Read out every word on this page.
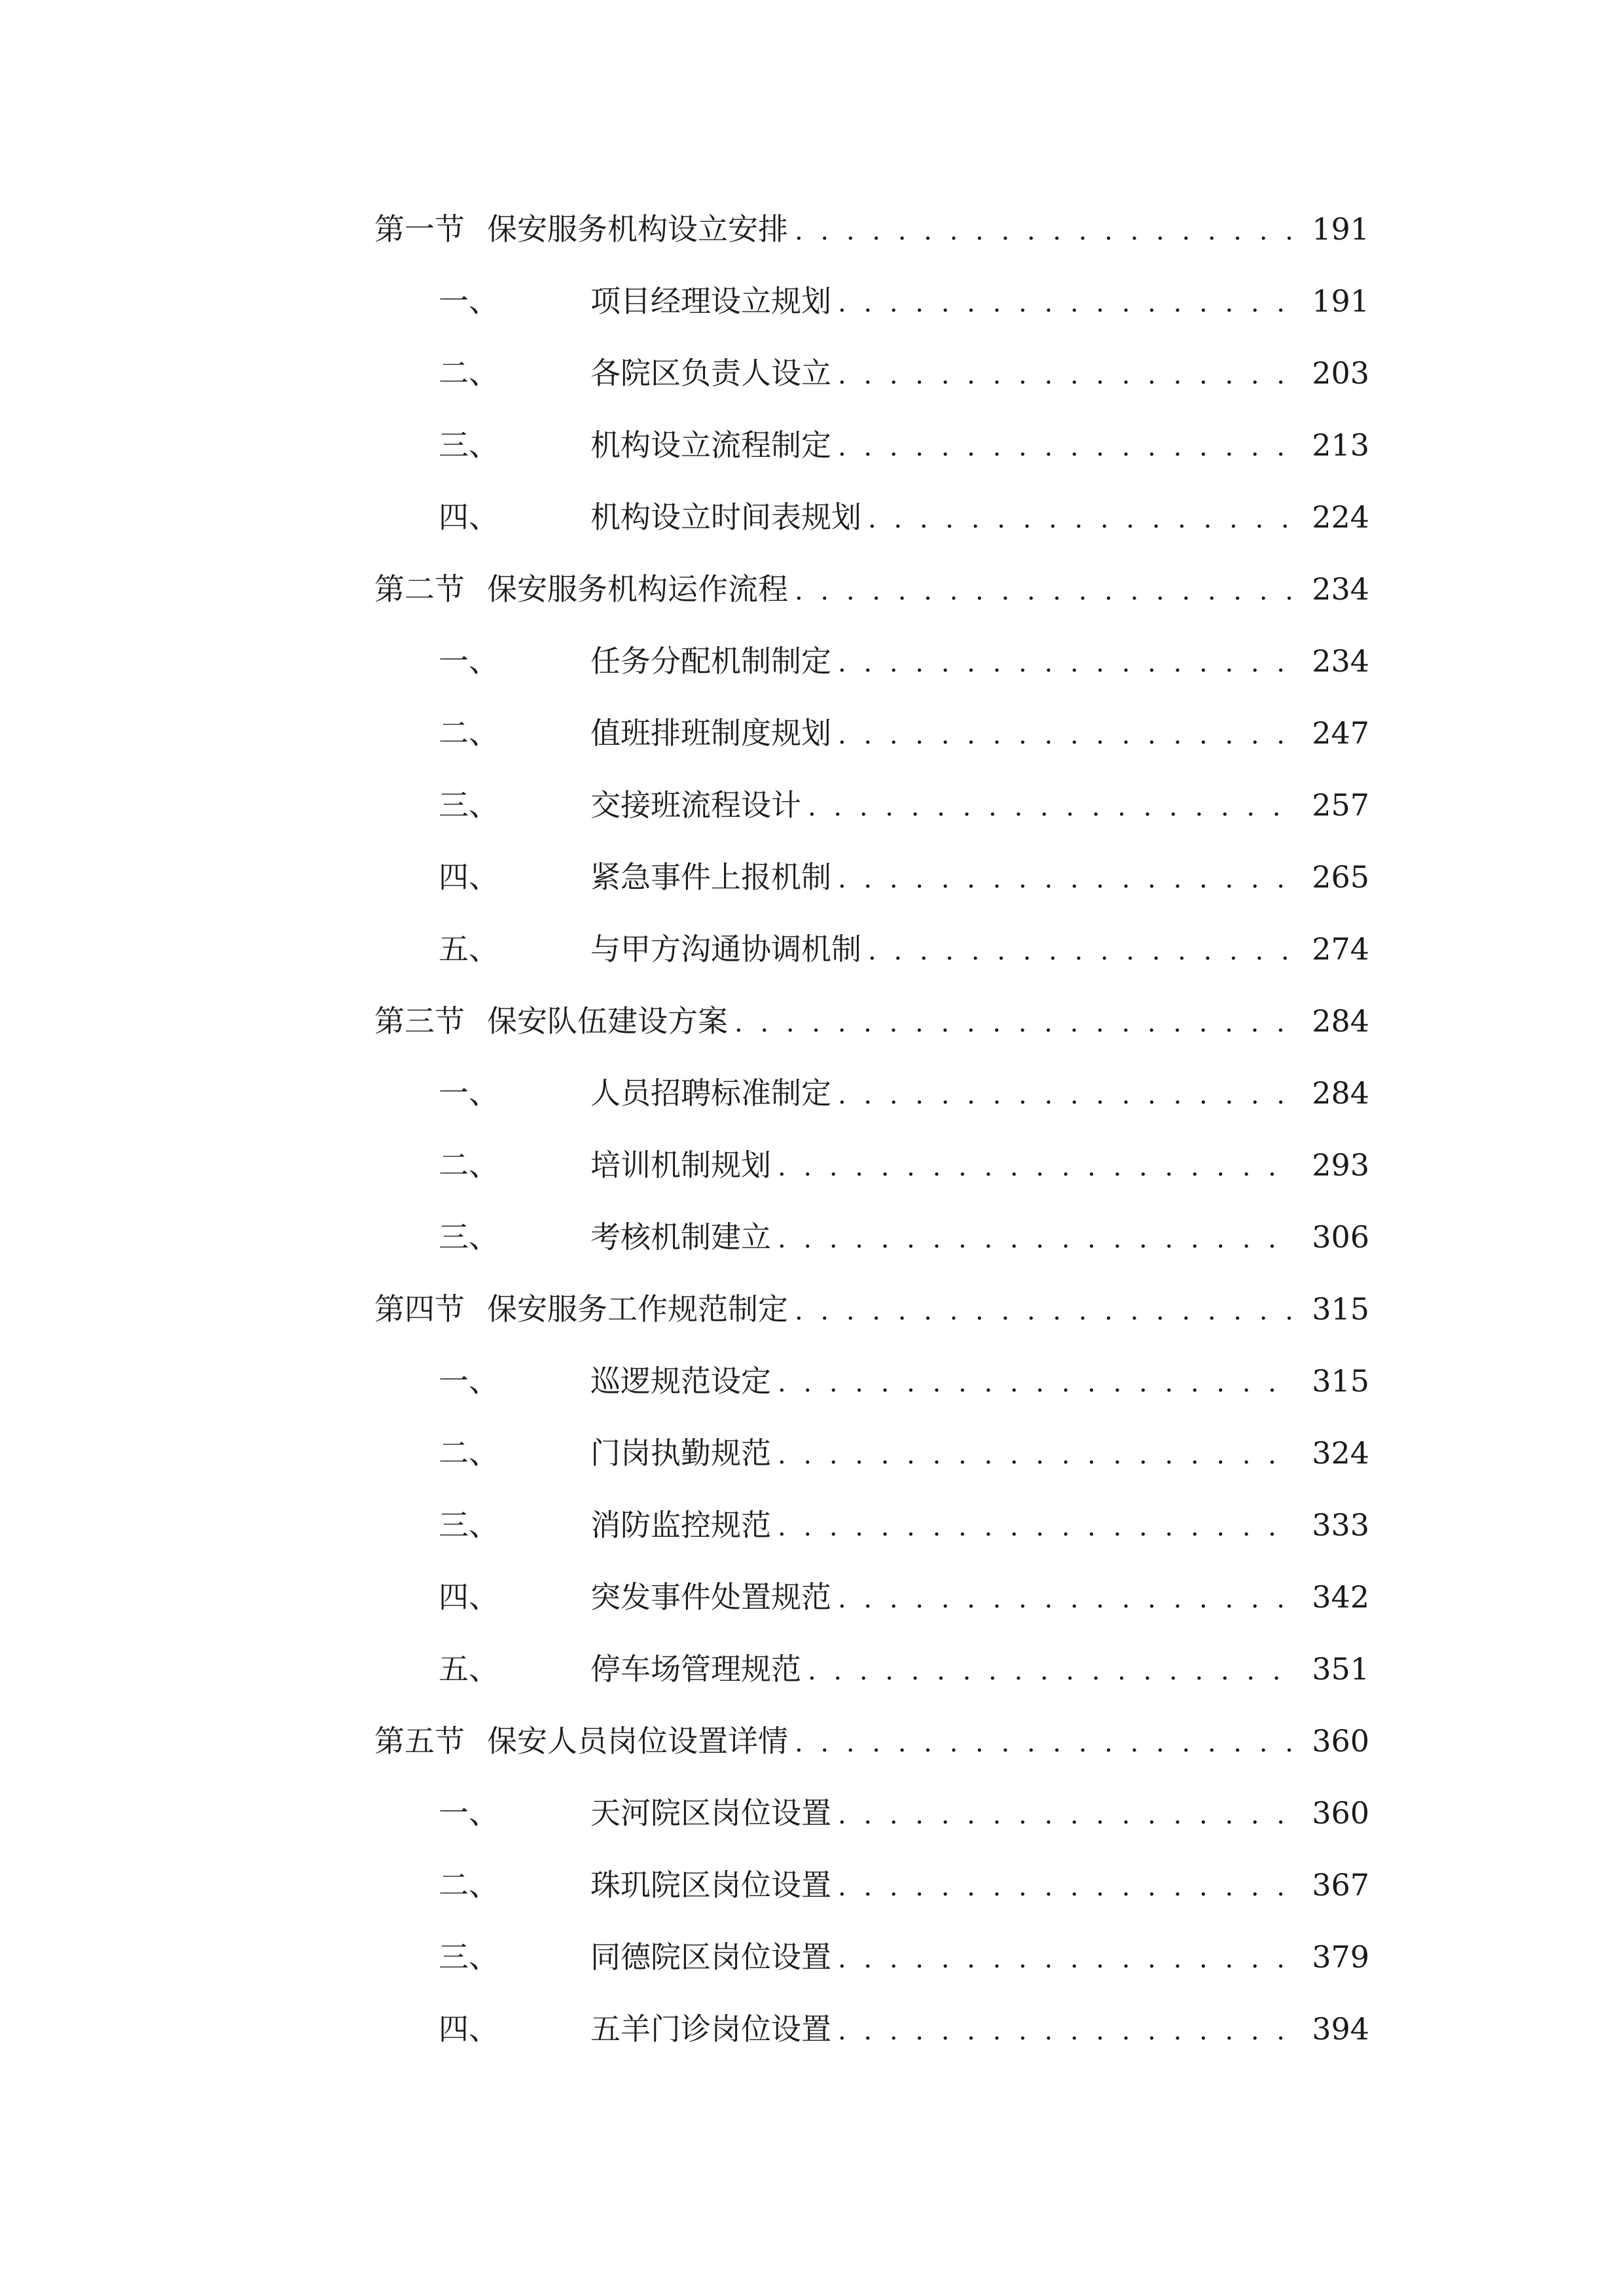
第一节 保安服务机构设立安排 . . .	191
一、	项目经理设立规划 . . .	191
二、	各院区负责人设立 . . .	203
三、	机构设立流程制定 . . .	213
四、	机构设立时间表规划 . . .	224
第二节 保安服务机构运作流程 . . .	234
一、	任务分配机制制定 . . .	234
二、	值班排班制度规划 . . .	247
三、	交接班流程设计 . . .	257
四、	紧急事件上报机制 . . .	265
五、	与甲方沟通协调机制 . . .	274
第三节 保安队伍建设方案 . . .	284
一、	人员招聘标准制定 . . .	284
二、	培训机制规划 . . .	293
三、	考核机制建立 . . .	306
第四节 保安服务工作规范制定 . . .	315
一、	巡逻规范设定 . . .	315
二、	门岗执勤规范 . . .	324
三、	消防监控规范 . . .	333
四、	突发事件处置规范 . . .	342
五、	停车场管理规范 . . .	351
第五节 保安人员岗位设置详情 . . .	360
一、	天河院区岗位设置 . . .	360
二、	珠玑院区岗位设置 . . .	367
三、	同德院区岗位设置 . . .	379
四、	五羊门诊岗位设置 . . .	394
